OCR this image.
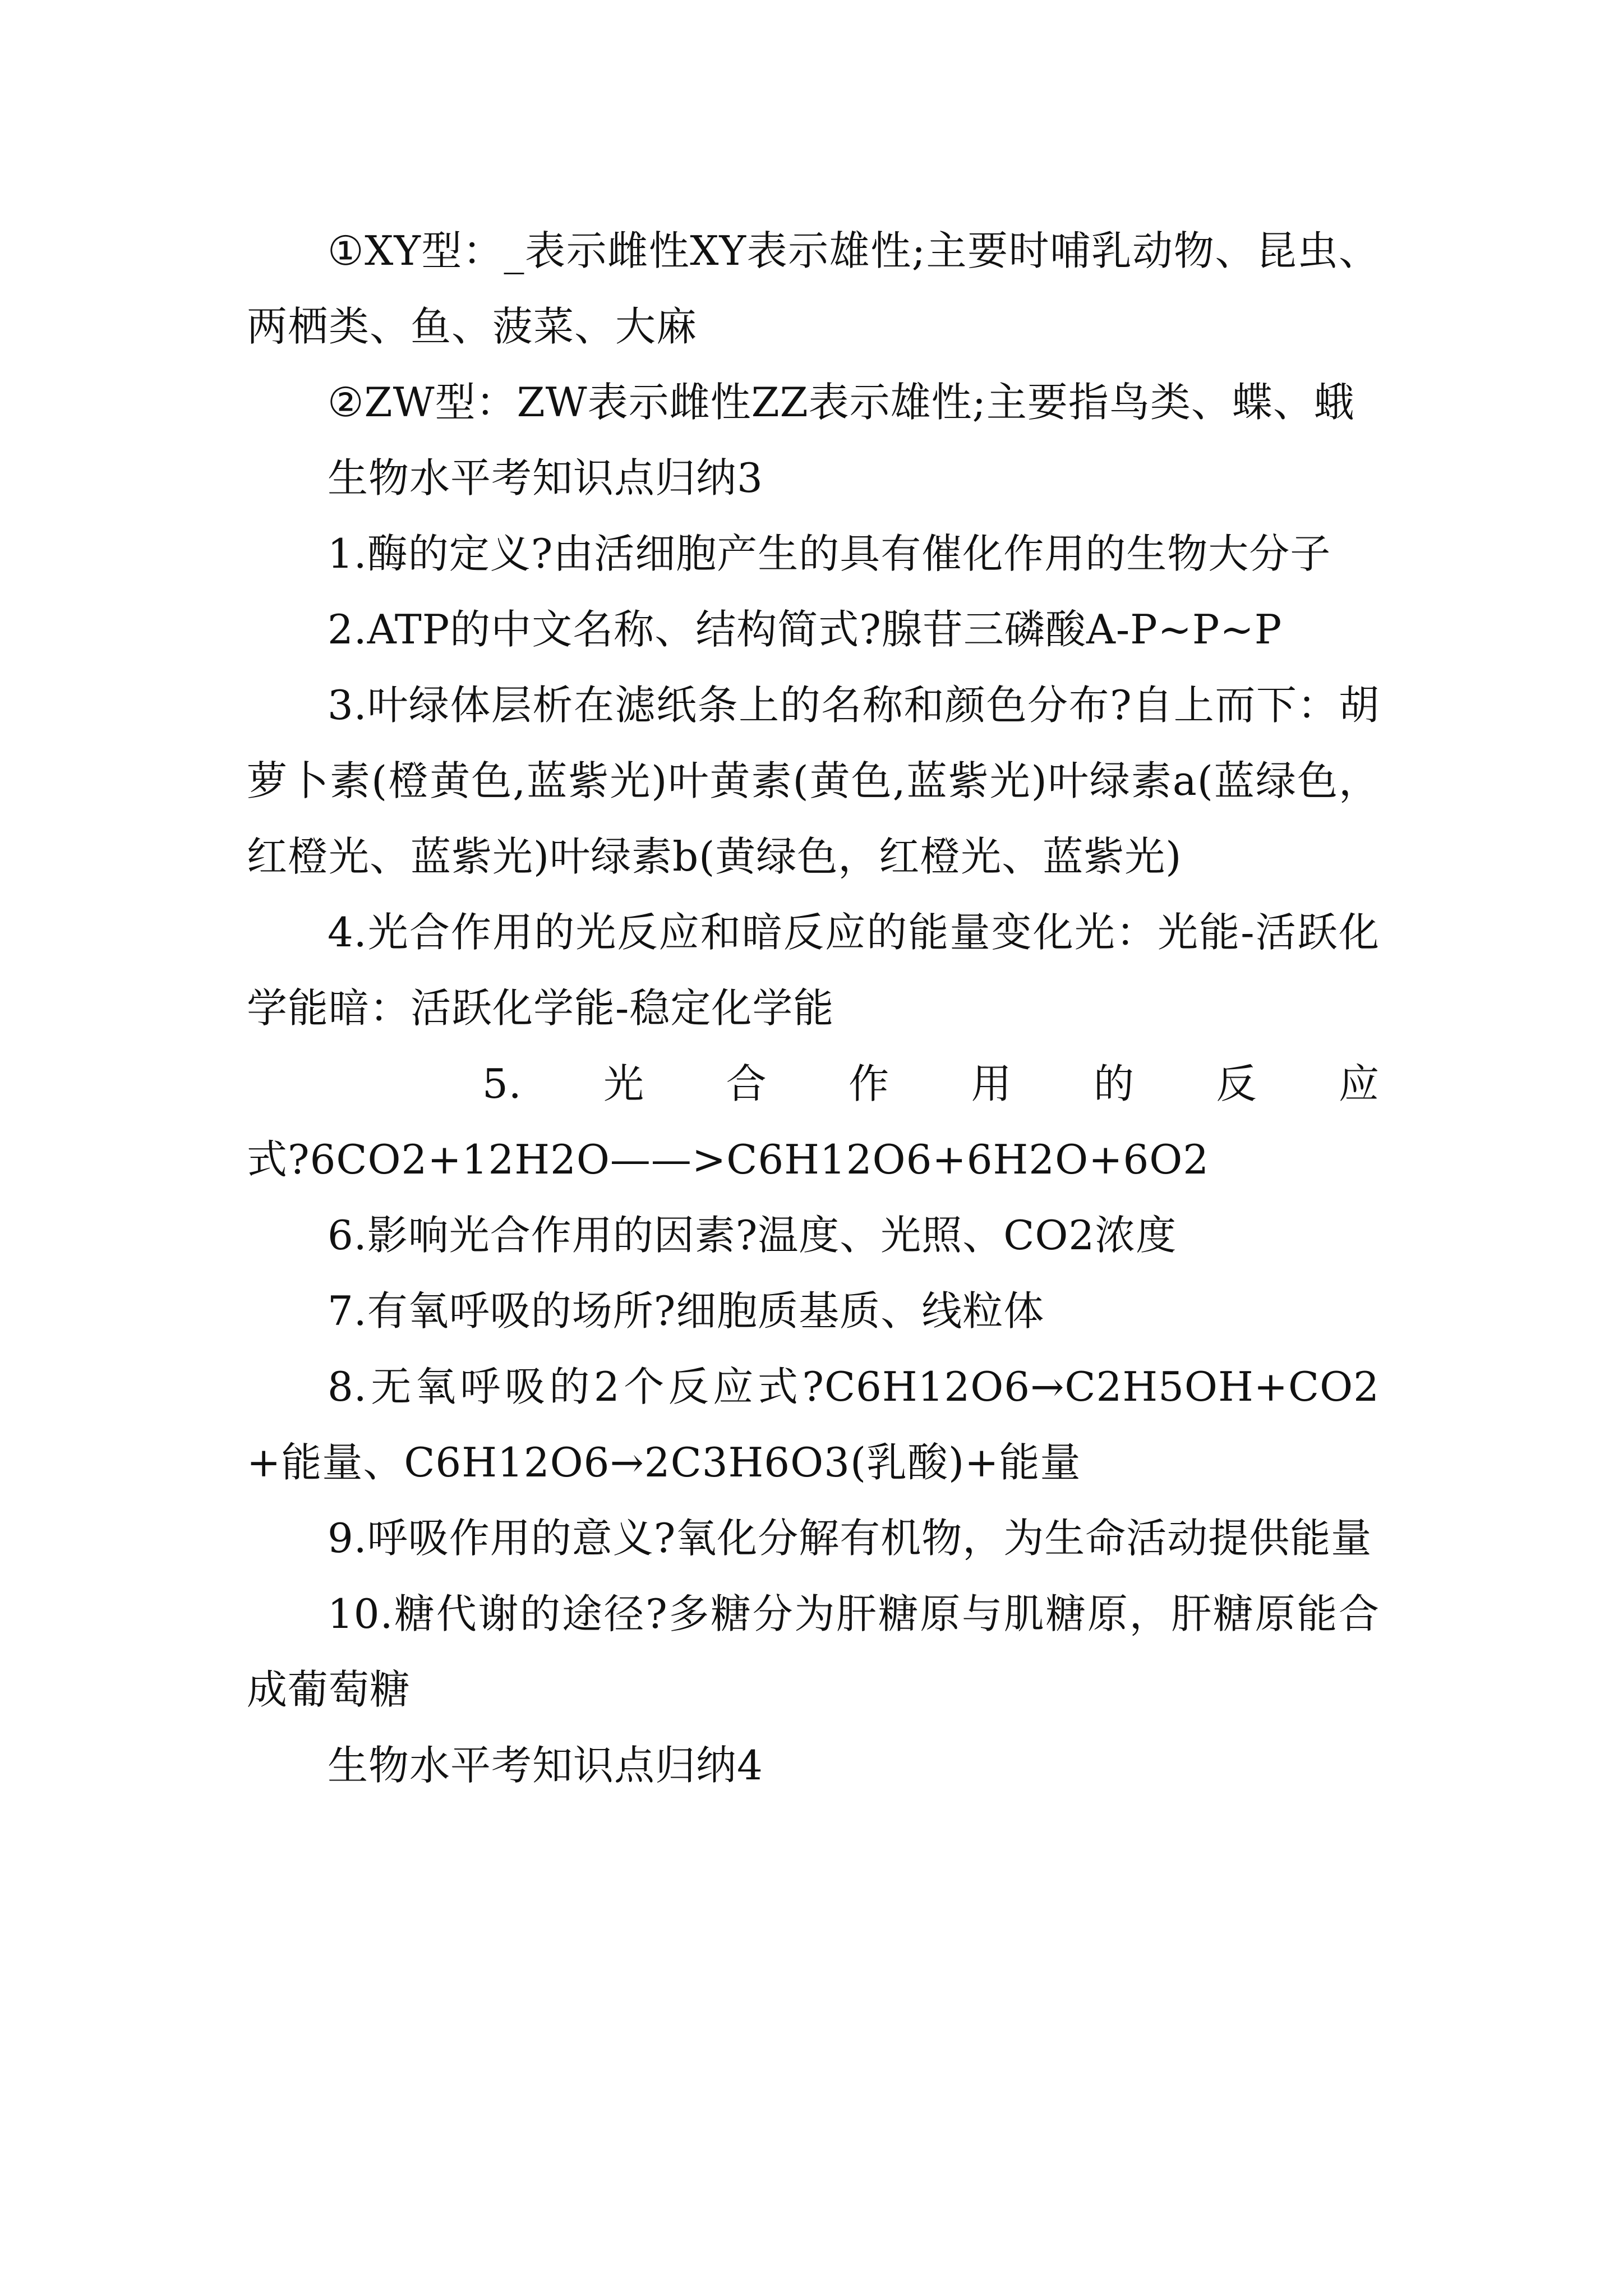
①XY型：_表示雌性XY表示雄性;主要时哺乳动物、昆虫、两栖类、鱼、菠菜、大麻

②ZW型：ZW表示雌性ZZ表示雄性;主要指鸟类、蝶、蛾

生物水平考知识点归纳3

1.酶的定义?由活细胞产生的具有催化作用的生物大分子

2.ATP的中文名称、结构简式?腺苷三磷酸A-P~P~P

3.叶绿体层析在滤纸条上的名称和颜色分布?自上而下：胡萝卜素(橙黄色,蓝紫光)叶黄素(黄色,蓝紫光)叶绿素a(蓝绿色，红橙光、蓝紫光)叶绿素b(黄绿色，红橙光、蓝紫光)

4.光合作用的光反应和暗反应的能量变化光：光能-活跃化学能暗：活跃化学能-稳定化学能

5. 光 合 作 用 的 反 应

式?6CO2+12H2O——>C6H12O6+6H2O+6O2

6.影响光合作用的因素?温度、光照、CO2浓度

7.有氧呼吸的场所?细胞质基质、线粒体

8.无氧呼吸的2个反应式?C6H12O6→C2H5OH+CO2+能量、C6H12O6→2C3H6O3(乳酸)+能量

9.呼吸作用的意义?氧化分解有机物，为生命活动提供能量

10.糖代谢的途径?多糖分为肝糖原与肌糖原，肝糖原能合成葡萄糖

生物水平考知识点归纳4
